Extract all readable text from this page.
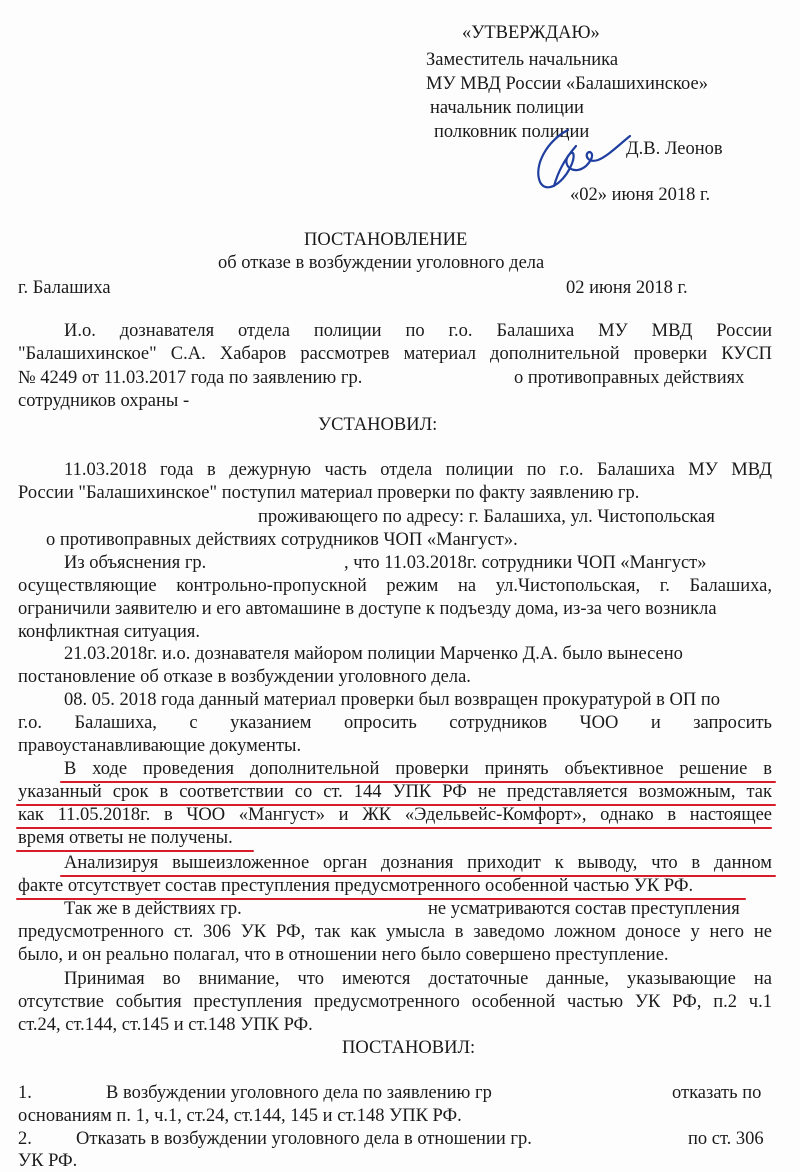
«УТВЕРЖДАЮ»
Заместитель начальника
МУ МВД России «Балашихинское»
начальник полиции
полковник полиции
Д.В. Леонов
«02» июня 2018 г.
ПОСТАНОВЛЕНИЕ
об отказе в возбуждении уголовного дела
г. Балашиха	02 июня 2018 г.
И.о. дознавателя отдела полиции по г.о. Балашиха МУ МВД России
"Балашихинское" С.А. Хабаров рассмотрев материал дополнительной проверки КУСП
№ 4249 от 11.03.2017 года по заявлению гр.	о противоправных действиях
сотрудников охраны -
УСТАНОВИЛ:
11.03.2018 года в дежурную часть отдела полиции по г.о. Балашиха МУ МВД
России "Балашихинское" поступил материал проверки по факту заявлению гр.
проживающего по адресу: г. Балашиха, ул. Чистопольская
о противоправных действиях сотрудников ЧОП «Мангуст».
Из объяснения гр.	, что 11.03.2018г. сотрудники ЧОП «Мангуст»
осуществляющие контрольно-пропускной режим на ул.Чистопольская, г. Балашиха,
ограничили заявителю и его автомашине в доступе к подъезду дома, из-за чего возникла
конфликтная ситуация.
21.03.2018г. и.о. дознавателя майором полиции Марченко Д.А. было вынесено
постановление об отказе в возбуждении уголовного дела.
08. 05. 2018 года данный материал проверки был возвращен прокуратурой в ОП по
г.о. Балашиха, с указанием опросить сотрудников ЧОО и запросить
правоустанавливающие документы.
В ходе проведения дополнительной проверки принять объективное решение в
указанный срок в соответствии со ст. 144 УПК РФ не представляется возможным, так
как 11.05.2018г. в ЧОО «Мангуст» и ЖК «Эдельвейс-Комфорт», однако в настоящее
время ответы не получены.
Анализируя вышеизложенное орган дознания приходит к выводу, что в данном
факте отсутствует состав преступления предусмотренного особенной частью УК РФ.
Так же в действиях гр.	не усматриваются состав преступления
предусмотренного ст. 306 УК РФ, так как умысла в заведомо ложном доносе у него не
было, и он реально полагал, что в отношении него было совершено преступление.
Принимая во внимание, что имеются достаточные данные, указывающие на
отсутствие события преступления предусмотренного особенной частью УК РФ, п.2 ч.1
ст.24, ст.144, ст.145 и ст.148 УПК РФ.
ПОСТАНОВИЛ:
1.	В возбуждении уголовного дела по заявлению гр	отказать по
основаниям п. 1, ч.1, ст.24, ст.144, 145 и ст.148 УПК РФ.
2. Отказать в возбуждении уголовного дела в отношении гр.	по ст. 306
УК РФ.
